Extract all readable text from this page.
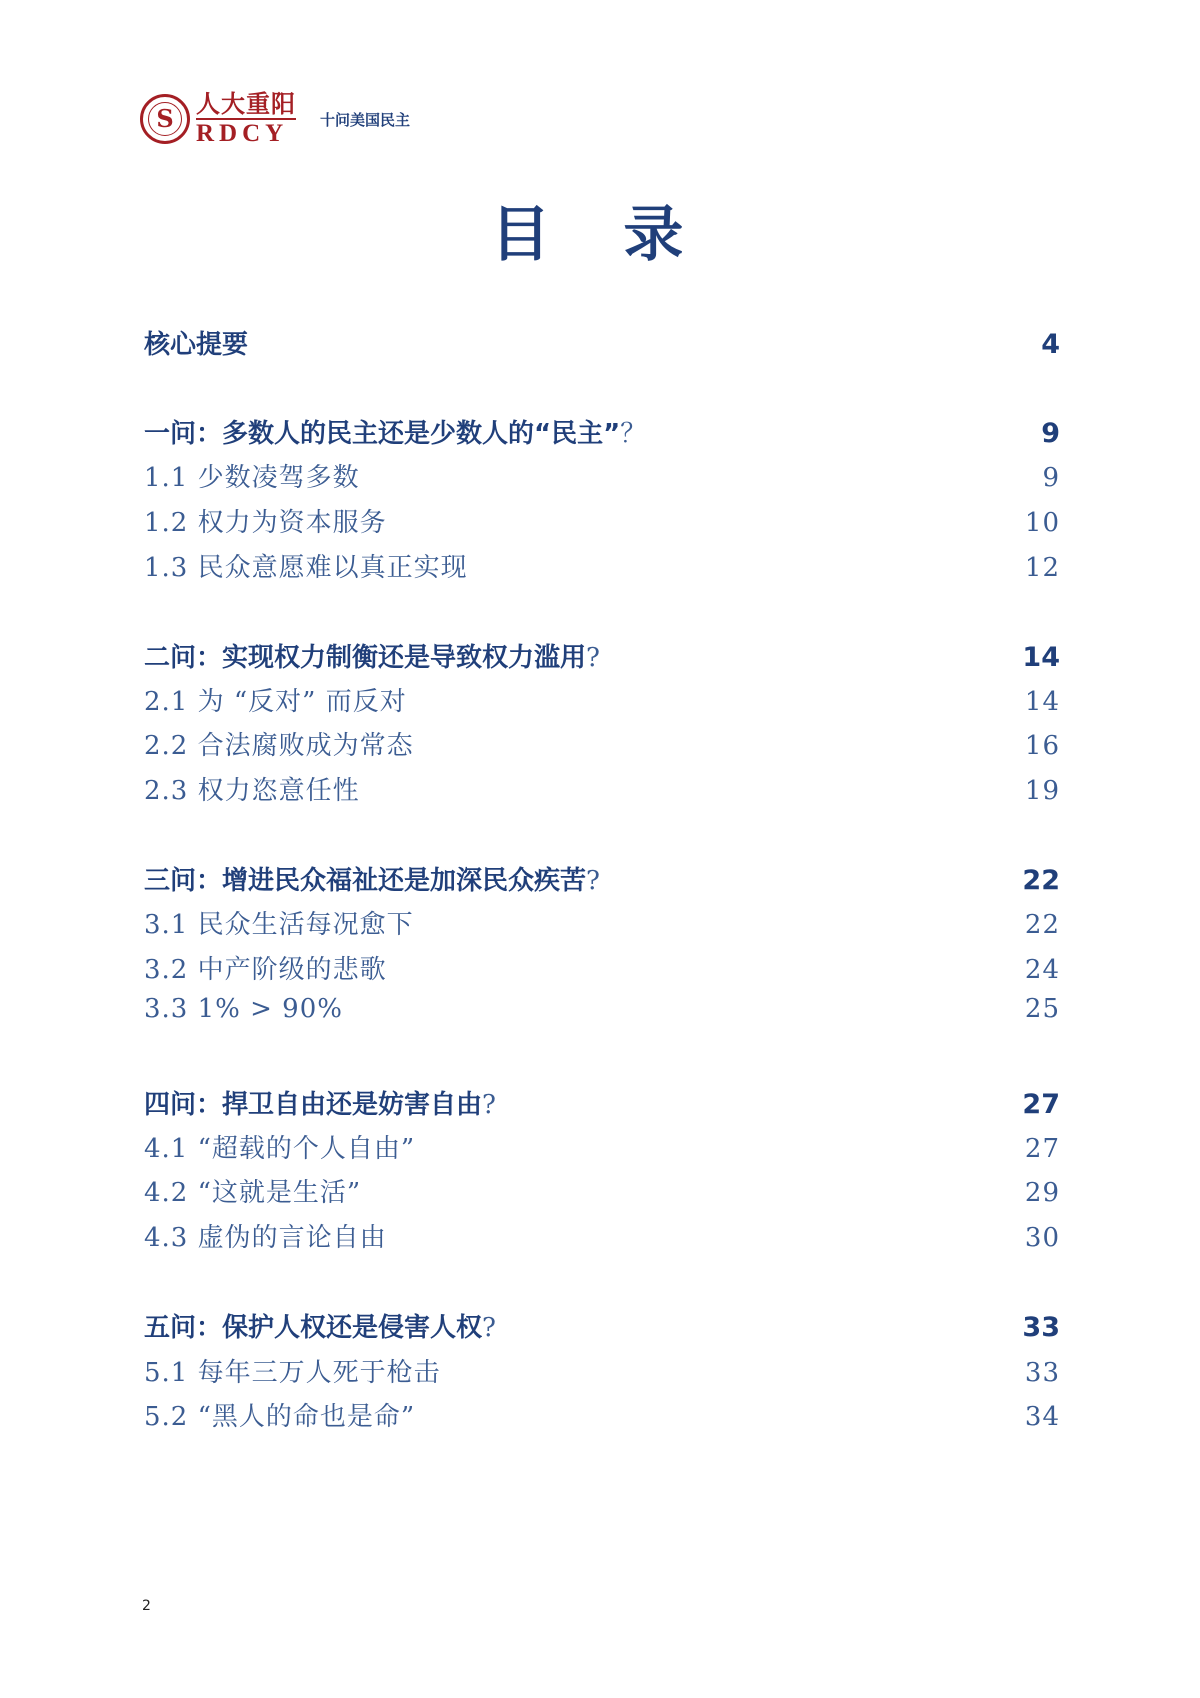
S
人大重阳
RDCY
十问美国民主
目 录
核心提要	4
一问：多数人的民主还是少数人的“民主”？	9
1.1 少数凌驾多数	9
1.2 权力为资本服务	10
1.3 民众意愿难以真正实现	12
二问：实现权力制衡还是导致权力滥用?	14
2.1 为 “反对” 而反对	14
2.2 合法腐败成为常态	16
2.3 权力恣意任性	19
三问：增进民众福祉还是加深民众疾苦?	22
3.1 民众生活每况愈下	22
3.2 中产阶级的悲歌	24
3.3 1% > 90%	25
四问：捍卫自由还是妨害自由?	27
4.1 “超载的个人自由”	27
4.2 “这就是生活”	29
4.3 虚伪的言论自由	30
五问：保护人权还是侵害人权?	33
5.1 每年三万人死于枪击	33
5.2 “黑人的命也是命”	34
2
